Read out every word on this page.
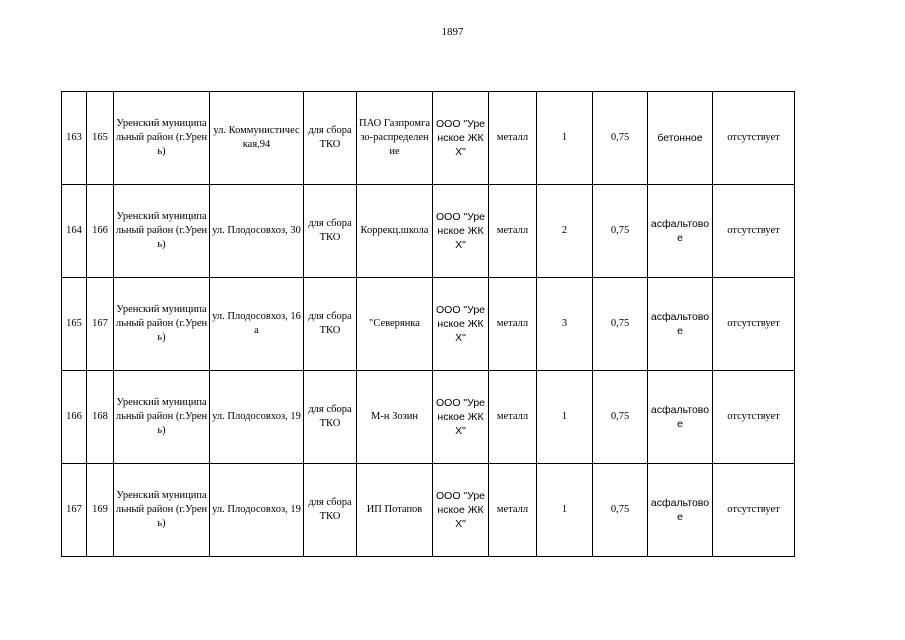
1897
163	165	Уренский муниципальный район (г.Урень)	ул. Коммунистическая,94	для сбора ТКО	ПАО Газпромгазо-распределение	ООО "Уренское ЖКХ"	металл	1	0,75	бетонное	отсутствует
164	166	Уренский муниципальный район (г.Урень)	ул. Плодосовхоз, 30	для сбора ТКО	Коррекц.школа	ООО "Уренское ЖКХ"	металл	2	0,75	асфальтовое	отсутствует
165	167	Уренский муниципальный район (г.Урень)	ул. Плодосовхоз, 16а	для сбора ТКО	"Северянка	ООО "Уренское ЖКХ"	металл	3	0,75	асфальтовое	отсутствует
166	168	Уренский муниципальный район (г.Урень)	ул. Плодосовхоз, 19	для сбора ТКО	М-н Зозин	ООО "Уренское ЖКХ"	металл	1	0,75	асфальтовое	отсутствует
167	169	Уренский муниципальный район (г.Урень)	ул. Плодосовхоз, 19	для сбора ТКО	ИП Потапов	ООО "Уренское ЖКХ"	металл	1	0,75	асфальтовое	отсутствует
